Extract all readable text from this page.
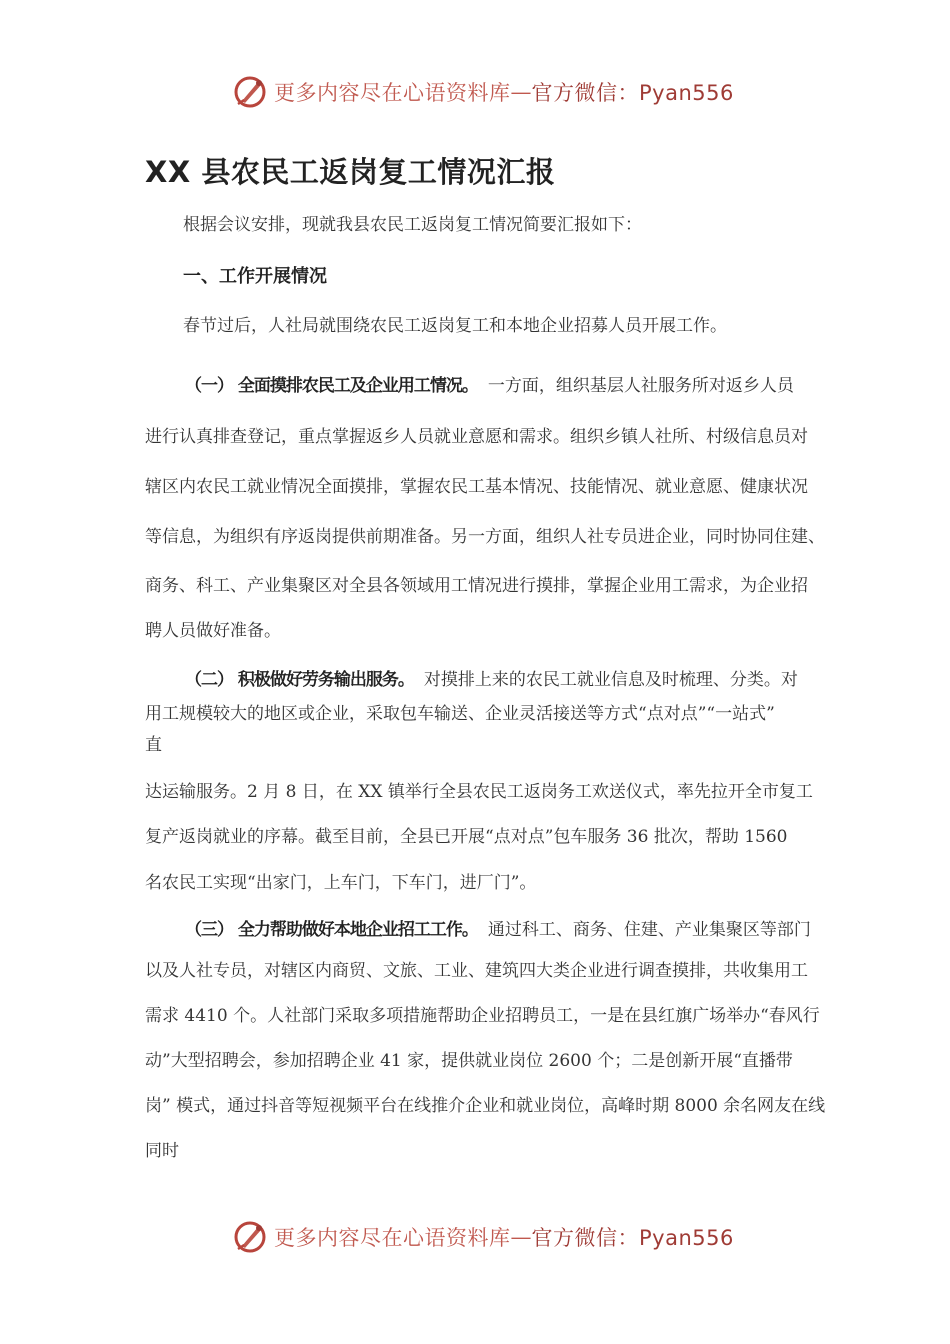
更多内容尽在心语资料库 — 官方微信：Pyan556
XX 县农民工返岗复工情况汇报
根据会议安排，现就我县农民工返岗复工情况简要汇报如下：
一、工作开展情况
春节过后，人社局就围绕农民工返岗复工和本地企业招募人员开展工作。
（一） 全面摸排农民工及企业用工情况。 一方面，组织基层人社服务所对返乡人员
进行认真排查登记，重点掌握返乡人员就业意愿和需求。组织乡镇人社所、村级信息员对
辖区内农民工就业情况全面摸排，掌握农民工基本情况、技能情况、就业意愿、健康状况
等信息，为组织有序返岗提供前期准备。另一方面，组织人社专员进企业，同时协同住建、
商务、科工、产业集聚区对全县各领域用工情况进行摸排，掌握企业用工需求，为企业招
聘人员做好准备。
（二） 积极做好劳务输出服务。 对摸排上来的农民工就业信息及时梳理、分类。对
用工规模较大的地区或企业，采取包车输送、企业灵活接送等方式“点对点”“一站式”
直
达运输服务。2 月 8 日，在 XX 镇举行全县农民工返岗务工欢送仪式，率先拉开全市复工
复产返岗就业的序幕。截至目前，全县已开展“点对点”包车服务 36 批次，帮助 1560
名农民工实现“出家门，上车门，下车门，进厂门”。
（三） 全力帮助做好本地企业招工工作。 通过科工、商务、住建、产业集聚区等部门
以及人社专员，对辖区内商贸、文旅、工业、建筑四大类企业进行调查摸排，共收集用工
需求 4410 个。人社部门采取多项措施帮助企业招聘员工，一是在县红旗广场举办“春风行
动”大型招聘会，参加招聘企业 41 家，提供就业岗位 2600 个；二是创新开展“直播带
岗” 模式，通过抖音等短视频平台在线推介企业和就业岗位，高峰时期 8000 余名网友在线
同时
更多内容尽在心语资料库 — 官方微信：Pyan556
